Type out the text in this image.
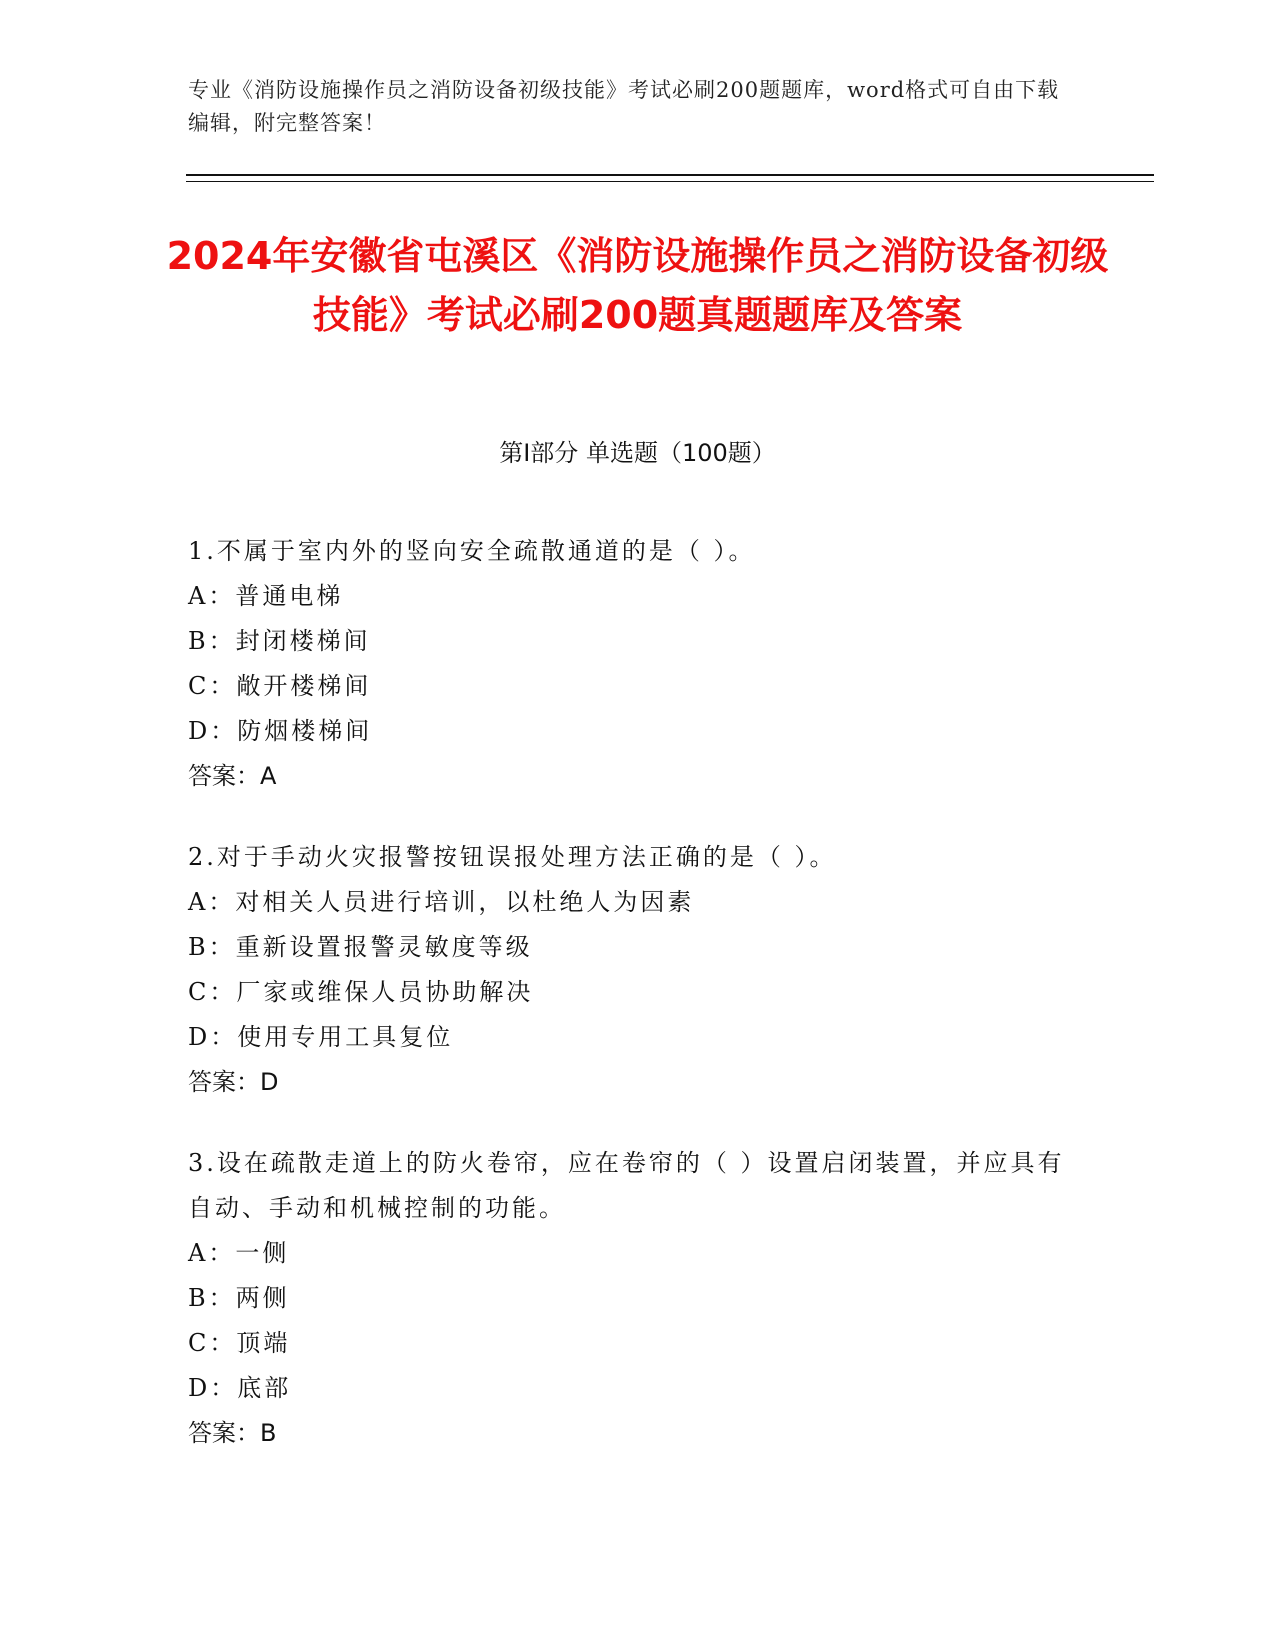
专业《消防设施操作员之消防设备初级技能》考试必刷200题题库，word格式可自由下载编辑，附完整答案！
2024年安徽省屯溪区《消防设施操作员之消防设备初级技能》考试必刷200题真题题库及答案
第Ⅰ部分 单选题（100题）
1.不属于室内外的竖向安全疏散通道的是（ ）。
A：普通电梯
B：封闭楼梯间
C：敞开楼梯间
D：防烟楼梯间
答案：A
2.对于手动火灾报警按钮误报处理方法正确的是（ ）。
A：对相关人员进行培训，以杜绝人为因素
B：重新设置报警灵敏度等级
C：厂家或维保人员协助解决
D：使用专用工具复位
答案：D
3.设在疏散走道上的防火卷帘，应在卷帘的（ ）设置启闭装置，并应具有自动、手动和机械控制的功能。
A：一侧
B：两侧
C：顶端
D：底部
答案：B
